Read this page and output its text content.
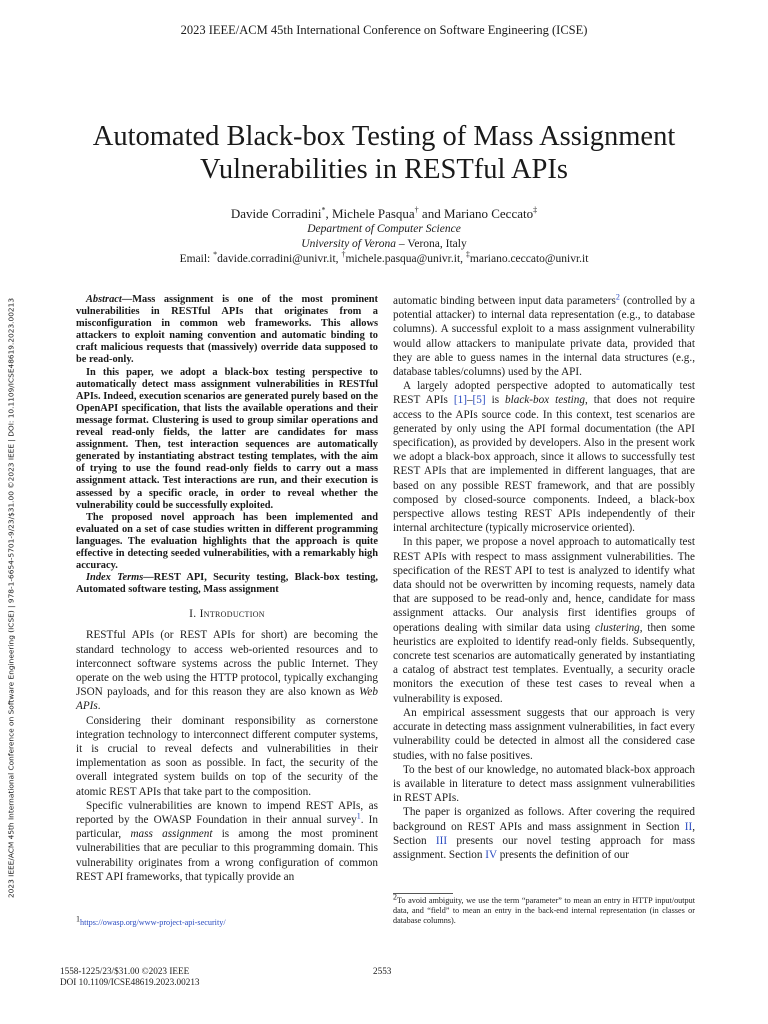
2023 IEEE/ACM 45th International Conference on Software Engineering (ICSE)
2023 IEEE/ACM 45th International Conference on Software Engineering (ICSE) | 978-1-6654-5701-9/23/$31.00 ©2023 IEEE | DOI: 10.1109/ICSE48619.2023.00213
Automated Black-box Testing of Mass Assignment
Vulnerabilities in RESTful APIs
Davide Corradini*, Michele Pasqua† and Mariano Ceccato‡
Department of Computer Science
University of Verona – Verona, Italy
Email: *davide.corradini@univr.it, †michele.pasqua@univr.it, ‡mariano.ceccato@univr.it

Abstract—Mass assignment is one of the most prominent vulnerabilities in RESTful APIs that originates from a misconfiguration in common web frameworks. This allows attackers to exploit naming convention and automatic binding to craft malicious requests that (massively) override data supposed to be read-only.

In this paper, we adopt a black-box testing perspective to automatically detect mass assignment vulnerabilities in RESTful APIs. Indeed, execution scenarios are generated purely based on the OpenAPI specification, that lists the available operations and their message format. Clustering is used to group similar operations and reveal read-only fields, the latter are candidates for mass assignment. Then, test interaction sequences are automatically generated by instantiating abstract testing templates, with the aim of trying to use the found read-only fields to carry out a mass assignment attack. Test interactions are run, and their execution is assessed by a specific oracle, in order to reveal whether the vulnerability could be successfully exploited.

The proposed novel approach has been implemented and evaluated on a set of case studies written in different programming languages. The evaluation highlights that the approach is quite effective in detecting seeded vulnerabilities, with a remarkably high accuracy.

Index Terms—REST API, Security testing, Black-box testing, Automated software testing, Mass assignment

I. Introduction

RESTful APIs (or REST APIs for short) are becoming the standard technology to access web-oriented resources and to interconnect software systems across the public Internet. They operate on the web using the HTTP protocol, typically exchanging JSON payloads, and for this reason they are also known as Web APIs.

Considering their dominant responsibility as cornerstone integration technology to interconnect different computer systems, it is crucial to reveal defects and vulnerabilities in their implementation as soon as possible. In fact, the security of the overall integrated system builds on top of the security of the atomic REST APIs that take part to the composition.

Specific vulnerabilities are known to impend REST APIs, as reported by the OWASP Foundation in their annual survey$^1$. In particular, mass assignment is among the most prominent vulnerabilities that are peculiar to this programming domain. This vulnerability originates from a wrong configuration of common REST API frameworks, that typically provide an

$^1$https://owasp.org/www-project-api-security/

automatic binding between input data parameters$^2$ (controlled by a potential attacker) to internal data representation (e.g., to database columns). A successful exploit to a mass assignment vulnerability would allow attackers to manipulate private data, provided that they are able to guess names in the internal data structures (e.g., database tables/columns) used by the API.

A largely adopted perspective adopted to automatically test REST APIs [1]–[5] is black-box testing, that does not require access to the APIs source code. In this context, test scenarios are generated by only using the API formal documentation (the API specification), as provided by developers. Also in the present work we adopt a black-box approach, since it allows to successfully test REST APIs that are implemented in different languages, that are based on any possible REST framework, and that are possibly composed by closed-source components. Indeed, a black-box perspective allows testing REST APIs independently of their internal architecture (typically microservice oriented).

In this paper, we propose a novel approach to automatically test REST APIs with respect to mass assignment vulnerabilities. The specification of the REST API to test is analyzed to identify what data should not be overwritten by incoming requests, namely data that are supposed to be read-only and, hence, candidate for mass assignment attacks. Our analysis first identifies groups of operations dealing with similar data using clustering, then some heuristics are exploited to identify read-only fields. Subsequently, concrete test scenarios are automatically generated by instantiating a catalog of abstract test templates. Eventually, a security oracle monitors the execution of these test cases to reveal when a vulnerability is exposed.

An empirical assessment suggests that our approach is very accurate in detecting mass assignment vulnerabilities, in fact every vulnerability could be detected in almost all the considered case studies, with no false positives.

To the best of our knowledge, no automated black-box approach is available in literature to detect mass assignment vulnerabilities in REST APIs.

The paper is organized as follows. After covering the required background on REST APIs and mass assignment in Section II, Section III presents our novel testing approach for mass assignment. Section IV presents the definition of our

$^2$To avoid ambiguity, we use the term “parameter” to mean an entry in HTTP input/output data, and “field” to mean an entry in the back-end internal representation (in classes or database columns).
1558-1225/23/$31.00 ©2023 IEEE
DOI 10.1109/ICSE48619.2023.00213
2553
